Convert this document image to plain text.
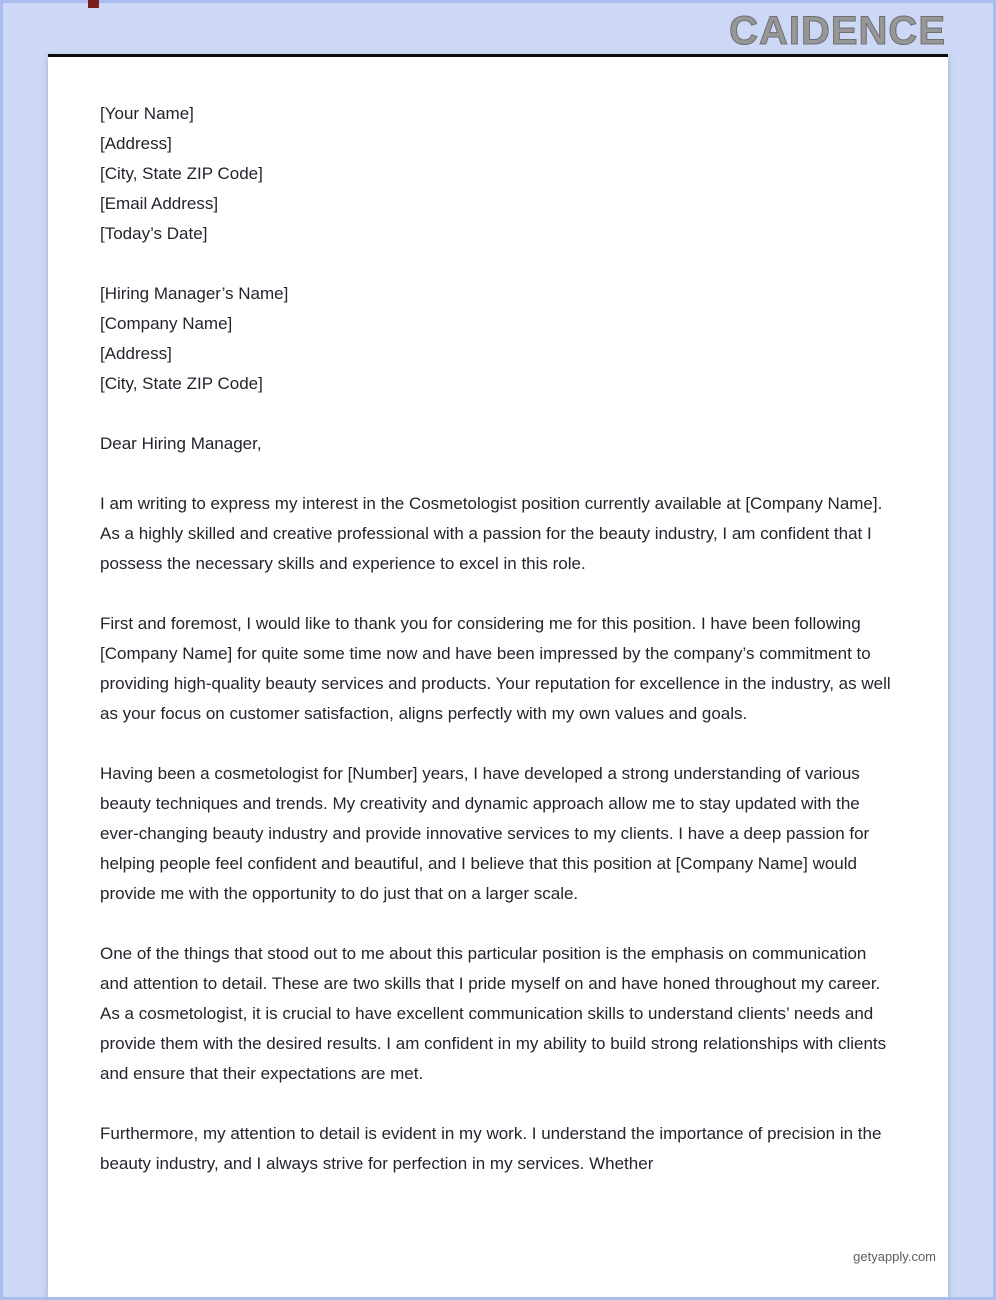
CAIDENCE

[Your Name]

[Address]

[City, State ZIP Code]

[Email Address]

[Today’s Date]

[Hiring Manager’s Name]

[Company Name]

[Address]

[City, State ZIP Code]

Dear Hiring Manager,

I am writing to express my interest in the Cosmetologist position currently available at [Company Name]. As a highly skilled and creative professional with a passion for the beauty industry, I am confident that I possess the necessary skills and experience to excel in this role.

First and foremost, I would like to thank you for considering me for this position. I have been following [Company Name] for quite some time now and have been impressed by the company’s commitment to providing high-quality beauty services and products. Your reputation for excellence in the industry, as well as your focus on customer satisfaction, aligns perfectly with my own values and goals.

Having been a cosmetologist for [Number] years, I have developed a strong understanding of various beauty techniques and trends. My creativity and dynamic approach allow me to stay updated with the ever-changing beauty industry and provide innovative services to my clients. I have a deep passion for helping people feel confident and beautiful, and I believe that this position at [Company Name] would provide me with the opportunity to do just that on a larger scale.

One of the things that stood out to me about this particular position is the emphasis on communication and attention to detail. These are two skills that I pride myself on and have honed throughout my career. As a cosmetologist, it is crucial to have excellent communication skills to understand clients’ needs and provide them with the desired results. I am confident in my ability to build strong relationships with clients and ensure that their expectations are met.

Furthermore, my attention to detail is evident in my work. I understand the importance of precision in the beauty industry, and I always strive for perfection in my services. Whether

getyapply.com
